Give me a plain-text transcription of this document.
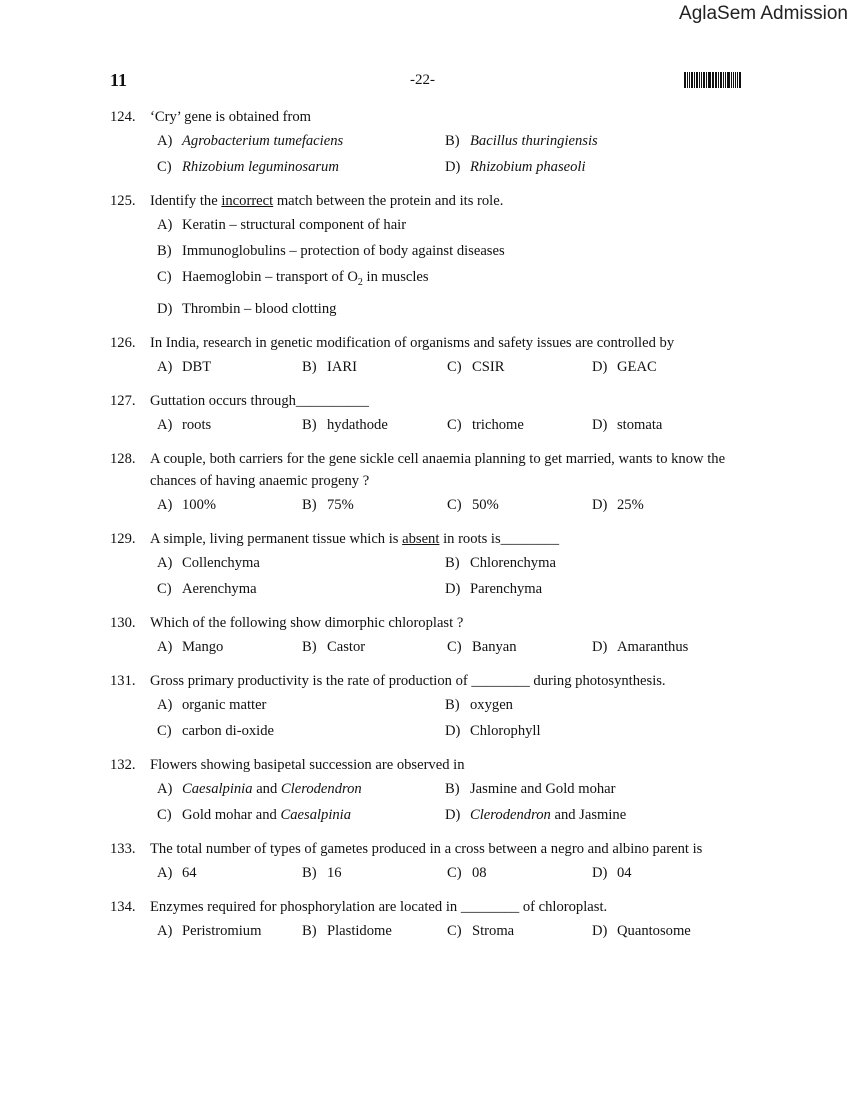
AglaSem Admission
11	-22-
124. ‘Cry’ gene is obtained from
A) Agrobacterium tumefaciens	B) Bacillus thuringiensis
C) Rhizobium leguminosarum	D) Rhizobium phaseoli
125. Identify the incorrect match between the protein and its role.
A) Keratin – structural component of hair
B) Immunoglobulins – protection of body against diseases
C) Haemoglobin – transport of $O_2$ in muscles
D) Thrombin – blood clotting
126. In India, research in genetic modification of organisms and safety issues are controlled by
A) DBT	B) IARI	C) CSIR	D) GEAC
127. Guttation occurs through__________
A) roots	B) hydathode	C) trichome	D) stomata
128. A couple, both carriers for the gene sickle cell anaemia planning to get married, wants to know the chances of having anaemic progeny ?
A) 100%	B) 75%	C) 50%	D) 25%
129. A simple, living permanent tissue which is absent in roots is________
A) Collenchyma	B) Chlorenchyma
C) Aerenchyma	D) Parenchyma
130. Which of the following show dimorphic chloroplast ?
A) Mango	B) Castor	C) Banyan	D) Amaranthus
131. Gross primary productivity is the rate of production of ________ during photosynthesis.
A) organic matter	B) oxygen
C) carbon di-oxide	D) Chlorophyll
132. Flowers showing basipetal succession are observed in
A) Caesalpinia and Clerodendron	B) Jasmine and Gold mohar
C) Gold mohar and Caesalpinia	D) Clerodendron and Jasmine
133. The total number of types of gametes produced in a cross between a negro and albino parent is
A) 64	B) 16	C) 08	D) 04
134. Enzymes required for phosphorylation are located in ________ of chloroplast.
A) Peristromium	B) Plastidome	C) Stroma	D) Quantosome
